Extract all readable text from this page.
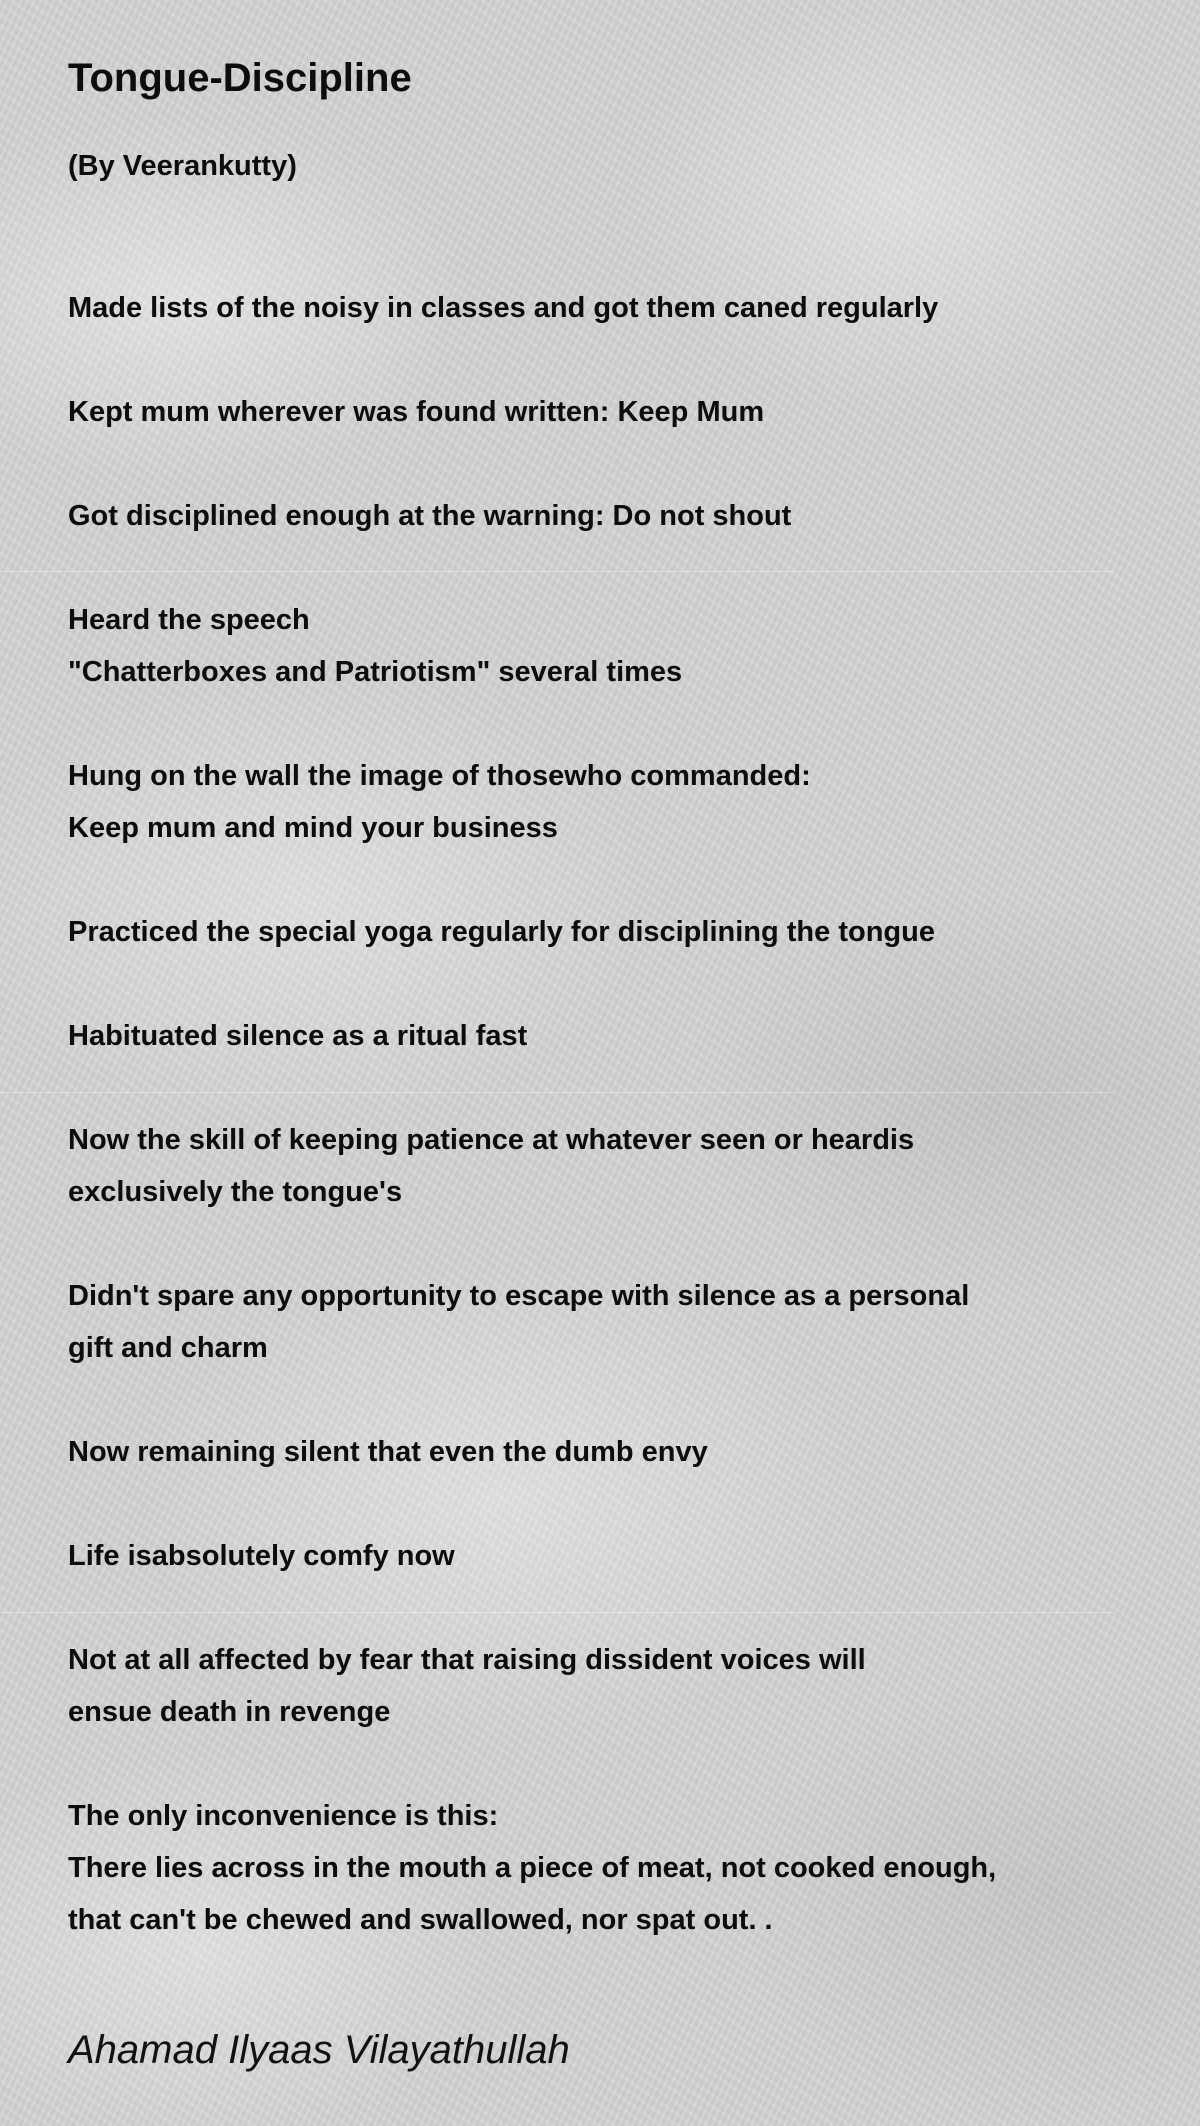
Tongue-Discipline
(By Veerankutty)
Made lists of the noisy in classes and got them caned regularly
Kept mum wherever was found written: Keep Mum
Got disciplined enough at the warning: Do not shout
Heard the speech
"Chatterboxes and Patriotism" several times
Hung on the wall the image of thosewho commanded:
Keep mum and mind your business
Practiced the special yoga regularly for disciplining the tongue
Habituated silence as a ritual fast
Now the skill of keeping patience at whatever seen or heardis
exclusively the tongue's
Didn't spare any opportunity to escape with silence as a personal
gift and charm
Now remaining silent that even the dumb envy
Life isabsolutely comfy now
Not at all affected by fear that raising dissident voices will
ensue death in revenge
The only inconvenience is this:
There lies across in the mouth a piece of meat, not cooked enough,
that can't be chewed and swallowed, nor spat out. .
Ahamad Ilyaas Vilayathullah
